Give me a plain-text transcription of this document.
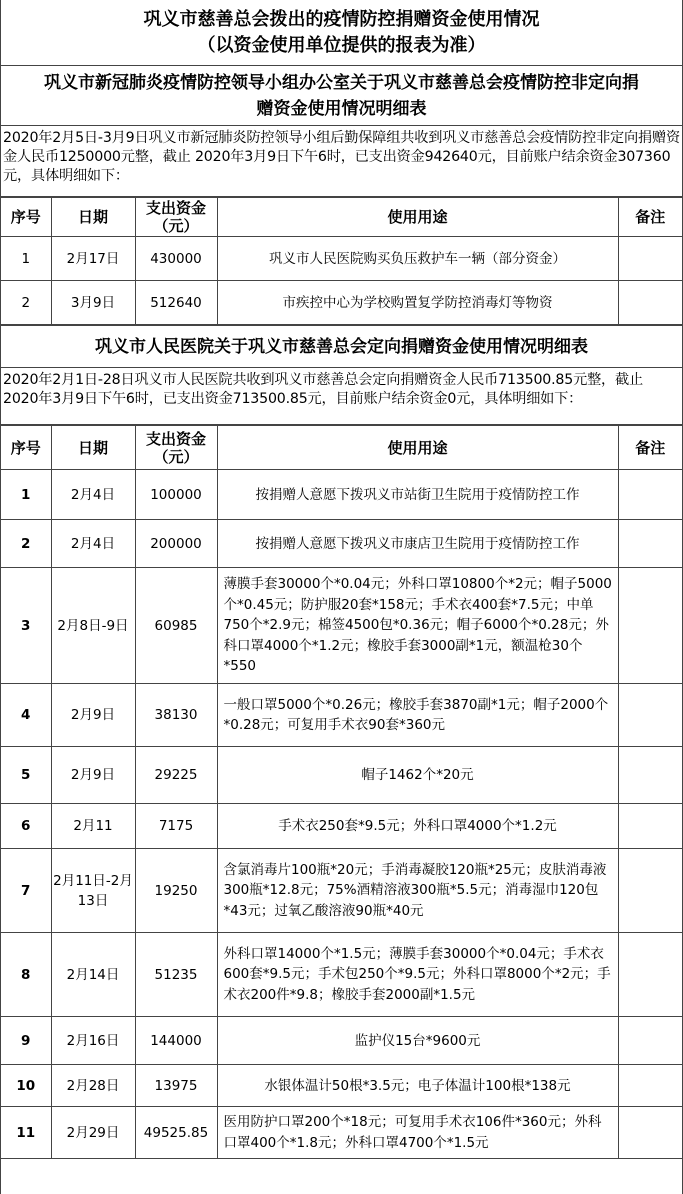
巩义市慈善总会拨出的疫情防控捐赠资金使用情况
（以资金使用单位提供的报表为准）
巩义市新冠肺炎疫情防控领导小组办公室关于巩义市慈善总会疫情防控非定向捐
赠资金使用情况明细表
2020年2月5日-3月9日巩义市新冠肺炎防控领导小组后勤保障组共收到巩义市慈善总会疫情防控非定向捐赠资金人民币1250000元整，截止 2020年3月9日下午6时，已支出资金942640元，目前账户结余资金307360元，具体明细如下：
序号	日期	支出资金（元）	使用用途	备注
1	2月17日	430000	巩义市人民医院购买负压救护车一辆（部分资金）	
2	3月9日	512640	市疾控中心为学校购置复学防控消毒灯等物资	
巩义市人民医院关于巩义市慈善总会定向捐赠资金使用情况明细表
2020年2月1日-28日巩义市人民医院共收到巩义市慈善总会定向捐赠资金人民币713500.85元整，截止 2020年3月9日下午6时，已支出资金713500.85元，目前账户结余资金0元，具体明细如下：
序号	日期	支出资金（元）	使用用途	备注
1	2月4日	100000	按捐赠人意愿下拨巩义市站街卫生院用于疫情防控工作	
2	2月4日	200000	按捐赠人意愿下拨巩义市康店卫生院用于疫情防控工作	
3	2月8日-9日	60985	薄膜手套30000个*0.04元；外科口罩10800个*2元；帽子5000个*0.45元；防护服20套*158元；手术衣400套*7.5元；中单750个*2.9元；棉签4500包*0.36元；帽子6000个*0.28元；外科口罩4000个*1.2元；橡胶手套3000副*1元，额温枪30个*550	
4	2月9日	38130	一般口罩5000个*0.26元；橡胶手套3870副*1元；帽子2000个*0.28元；可复用手术衣90套*360元	
5	2月9日	29225	帽子1462个*20元	
6	2月11	7175	手术衣250套*9.5元；外科口罩4000个*1.2元	
7	2月11日-2月13日	19250	含氯消毒片100瓶*20元；手消毒凝胶120瓶*25元；皮肤消毒液300瓶*12.8元；75%酒精溶液300瓶*5.5元；消毒湿巾120包*43元；过氧乙酸溶液90瓶*40元	
8	2月14日	51235	外科口罩14000个*1.5元；薄膜手套30000个*0.04元；手术衣600套*9.5元；手术包250个*9.5元；外科口罩8000个*2元；手术衣200件*9.8；橡胶手套2000副*1.5元	
9	2月16日	144000	监护仪15台*9600元	
10	2月28日	13975	水银体温计50根*3.5元；电子体温计100根*138元	
11	2月29日	49525.85	医用防护口罩200个*18元；可复用手术衣106件*360元；外科口罩400个*1.8元；外科口罩4700个*1.5元	
